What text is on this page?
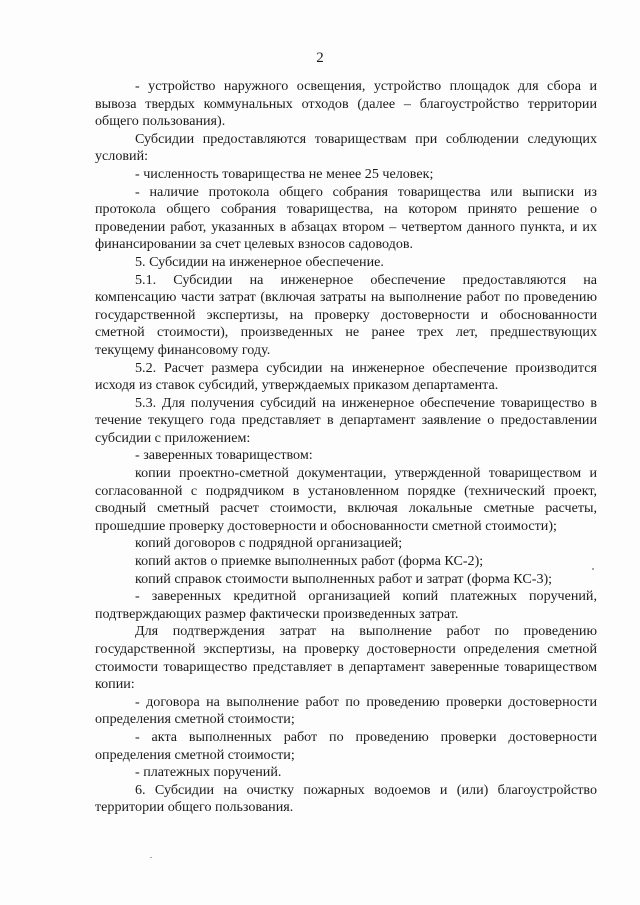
2

- устройство наружного освещения, устройство площадок для сбора и вывоза твердых коммунальных отходов (далее – благоустройство территории общего пользования).

Субсидии предоставляются товариществам при соблюдении следующих условий:

- численность товарищества не менее 25 человек;

- наличие протокола общего собрания товарищества или выписки из протокола общего собрания товарищества, на котором принято решение о проведении работ, указанных в абзацах втором – четвертом данного пункта, и их финансировании за счет целевых взносов садоводов.

5. Субсидии на инженерное обеспечение.

5.1. Субсидии на инженерное обеспечение предоставляются на компенсацию части затрат (включая затраты на выполнение работ по проведению государственной экспертизы, на проверку достоверности и обоснованности сметной стоимости), произведенных не ранее трех лет, предшествующих текущему финансовому году.

5.2. Расчет размера субсидии на инженерное обеспечение производится исходя из ставок субсидий, утверждаемых приказом департамента.

5.3. Для получения субсидий на инженерное обеспечение товарищество в течение текущего года представляет в департамент заявление о предоставлении субсидии с приложением:

- заверенных товариществом:

копии проектно-сметной документации, утвержденной товариществом и согласованной с подрядчиком в установленном порядке (технический проект, сводный сметный расчет стоимости, включая локальные сметные расчеты, прошедшие проверку достоверности и обоснованности сметной стоимости);

копий договоров с подрядной организацией;

копий актов о приемке выполненных работ (форма КС-2);

копий справок стоимости выполненных работ и затрат (форма КС-3);

- заверенных кредитной организацией копий платежных поручений, подтверждающих размер фактически произведенных затрат.

Для подтверждения затрат на выполнение работ по проведению государственной экспертизы, на проверку достоверности определения сметной стоимости товарищество представляет в департамент заверенные товариществом копии:

- договора на выполнение работ по проведению проверки достоверности определения сметной стоимости;

- акта выполненных работ по проведению проверки достоверности определения сметной стоимости;

- платежных поручений.

6. Субсидии на очистку пожарных водоемов и (или) благоустройство территории общего пользования.
